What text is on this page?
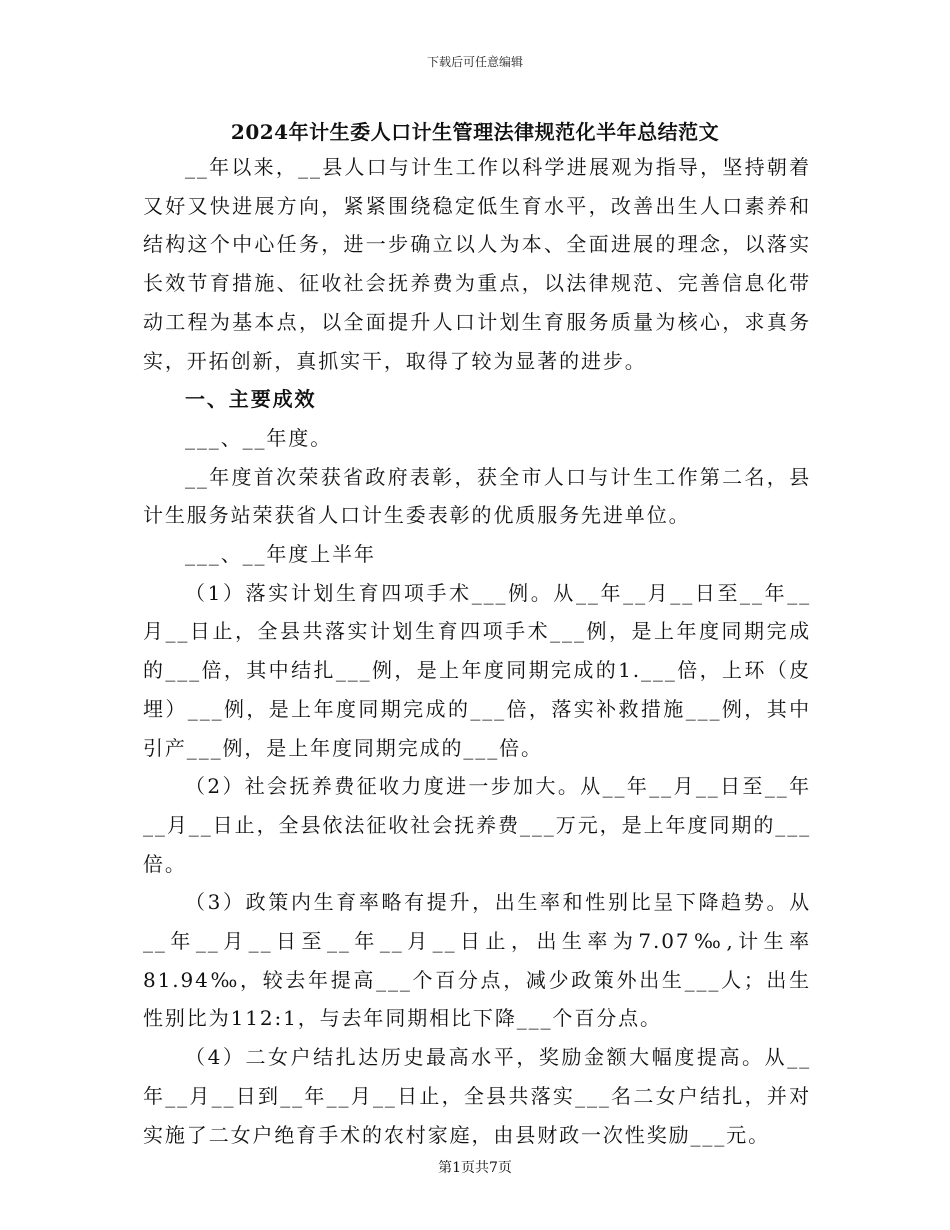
下载后可任意编辑
2024年计生委人口计生管理法律规范化半年总结范文

__年以来，__县人口与计生工作以科学进展观为指导，坚持朝着又好又快进展方向，紧紧围绕稳定低生育水平，改善出生人口素养和结构这个中心任务，进一步确立以人为本、全面进展的理念，以落实长效节育措施、征收社会抚养费为重点，以法律规范、完善信息化带动工程为基本点，以全面提升人口计划生育服务质量为核心，求真务实，开拓创新，真抓实干，取得了较为显著的进步。

一、主要成效

___、__年度。

__年度首次荣获省政府表彰，获全市人口与计生工作第二名，县计生服务站荣获省人口计生委表彰的优质服务先进单位。

___、__年度上半年

（1）落实计划生育四项手术___例。从__年__月__日至__年__月__日止，全县共落实计划生育四项手术___例，是上年度同期完成的___倍，其中结扎___例，是上年度同期完成的1.___倍，上环（皮埋）___例，是上年度同期完成的___倍，落实补救措施___例，其中引产___例，是上年度同期完成的___倍。

（2）社会抚养费征收力度进一步加大。从__年__月__日至__年__月__日止，全县依法征收社会抚养费___万元，是上年度同期的___倍。

（3）政策内生育率略有提升，出生率和性别比呈下降趋势。从__年__月__日至__年__月__日止，出生率为7.07‰,计生率81.94‰，较去年提高___个百分点，减少政策外出生___人；出生性别比为112:1，与去年同期相比下降___个百分点。

（4）二女户结扎达历史最高水平，奖励金额大幅度提高。从__年__月__日到__年__月__日止，全县共落实___名二女户结扎，并对实施了二女户绝育手术的农村家庭，由县财政一次性奖励___元。

第1页共7页
